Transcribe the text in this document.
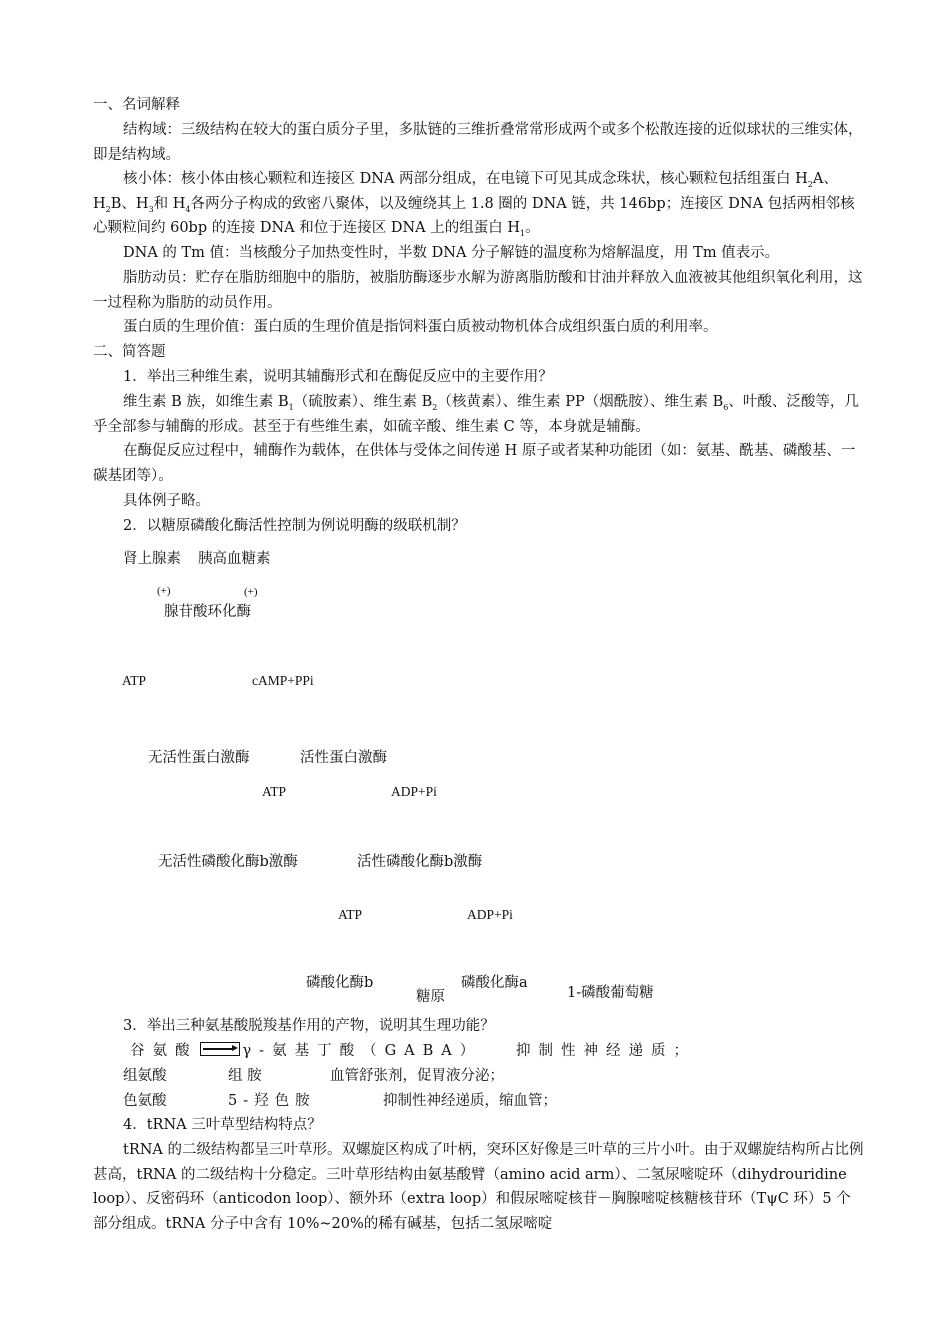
一、名词解释

结构域：三级结构在较大的蛋白质分子里，多肽链的三维折叠常常形成两个或多个松散连接的近似球状的三维实体，即是结构域。

核小体：核小体由核心颗粒和连接区 DNA 两部分组成，在电镜下可见其成念珠状，核心颗粒包括组蛋白 $H_2A$、$H_2B$、$H_3$和 $H_4$各两分子构成的致密八聚体，以及缠绕其上 1.8 圈的 DNA 链，共 146bp；连接区 DNA 包括两相邻核心颗粒间约 60bp 的连接 DNA 和位于连接区 DNA 上的组蛋白 $H_1$。

DNA 的 Tm 值：当核酸分子加热变性时，半数 DNA 分子解链的温度称为熔解温度，用 Tm 值表示。

脂肪动员：贮存在脂肪细胞中的脂肪，被脂肪酶逐步水解为游离脂肪酸和甘油并释放入血液被其他组织氧化利用，这一过程称为脂肪的动员作用。

蛋白质的生理价值：蛋白质的生理价值是指饲料蛋白质被动物机体合成组织蛋白质的利用率。

二、简答题
1．举出三种维生素，说明其辅酶形式和在酶促反应中的主要作用？

维生素 B 族，如维生素 $B_1$（硫胺素）、维生素 $B_2$（核黄素）、维生素 PP（烟酰胺）、维生素 $B_6$、叶酸、泛酸等，几乎全部参与辅酶的形成。甚至于有些维生素，如硫辛酸、维生素 C 等，本身就是辅酶。

在酶促反应过程中，辅酶作为载体，在供体与受体之间传递 H 原子或者某种功能团（如：氨基、酰基、磷酸基、一碳基团等）。

具体例子略。
2．以糖原磷酸化酶活性控制为例说明酶的级联机制？
肾上腺素 胰高血糖素
(+)	(+)
腺苷酸环化酶
ATP	cAMP+PPi
无活性蛋白激酶	活性蛋白激酶
ATP	ADP+Pi
无活性磷酸化酶b激酶	活性磷酸化酶b激酶
ATP	ADP+Pi
磷酸化酶b
糖原
磷酸化酶a
1-磷酸葡萄糖
3．举出三种氨基酸脱羧基作用的产物，说明其生理功能？
谷氨酸 → γ-氨基丁酸（GABA） 抑制性神经递质；
组氨酸	组 胺	血管舒张剂，促胃液分泌；
色氨酸	5-羟色胺	抑制性神经递质，缩血管；
4．tRNA 三叶草型结构特点？

tRNA 的二级结构都呈三叶草形。双螺旋区构成了叶柄，突环区好像是三叶草的三片小叶。由于双螺旋结构所占比例甚高，tRNA 的二级结构十分稳定。三叶草形结构由氨基酸臂（amino acid arm）、二氢尿嘧啶环（dihydrouridine loop）、反密码环（anticodon loop）、额外环（extra loop）和假尿嘧啶核苷－胸腺嘧啶核糖核苷环（TψC 环）5 个部分组成。tRNA 分子中含有 10%~20%的稀有碱基，包括二氢尿嘧啶
